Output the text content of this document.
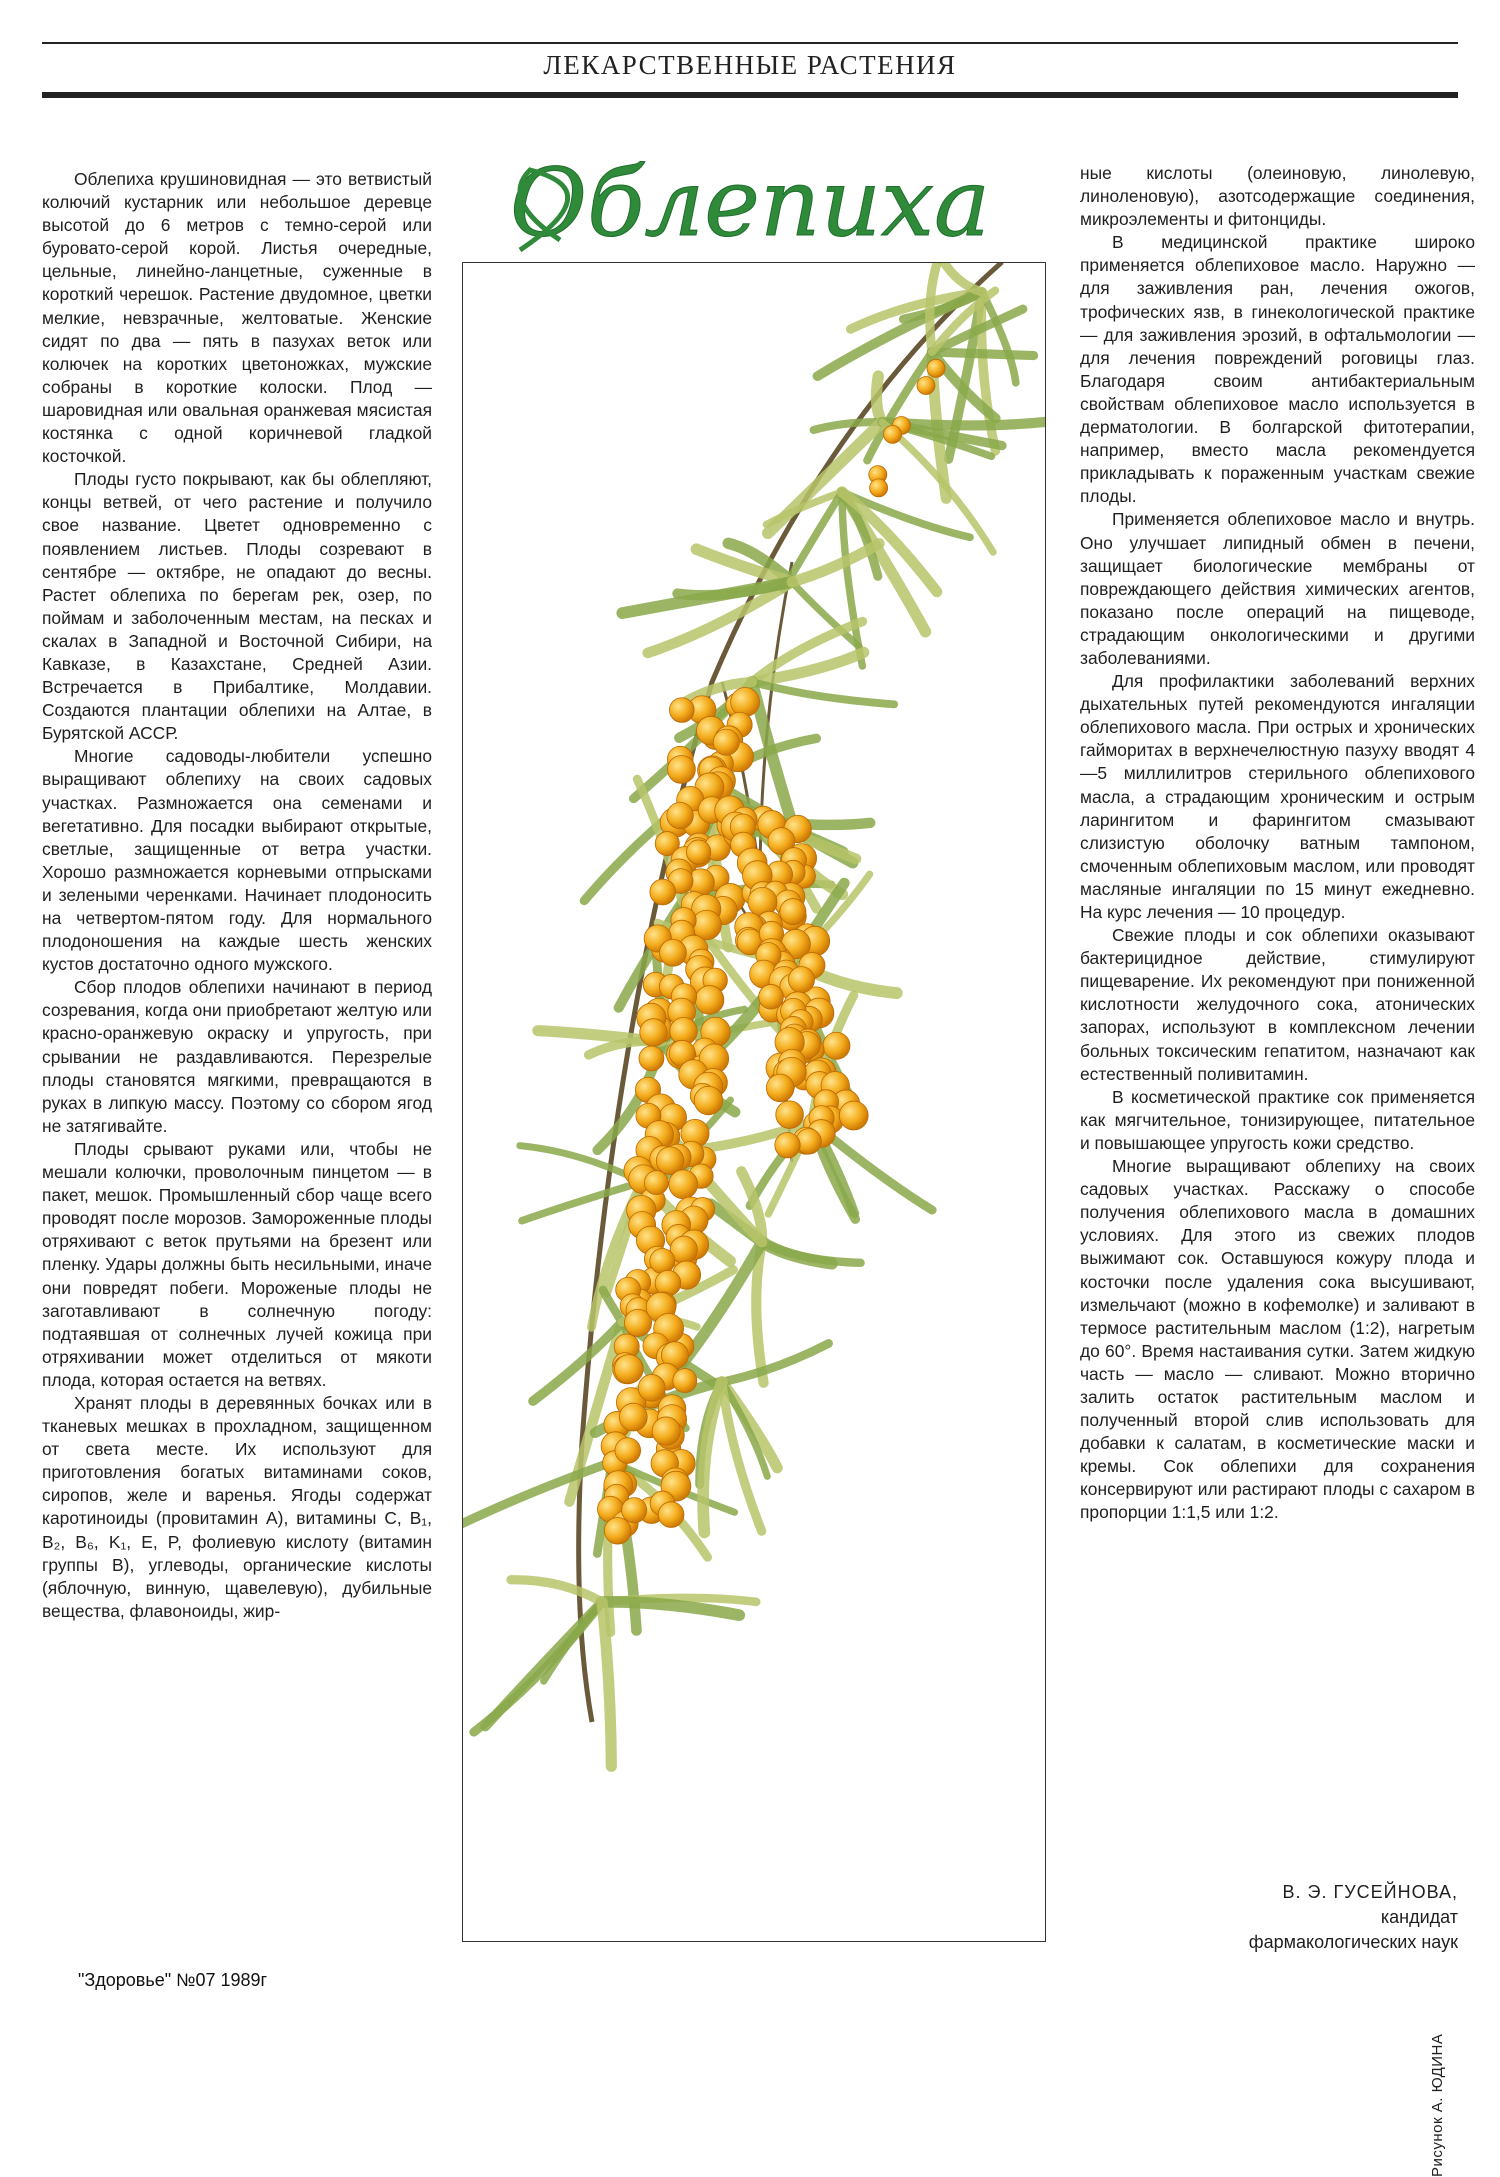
ЛЕКАРСТВЕННЫЕ РАСТЕНИЯ
Облепиха

Облепиха крушиновидная — это ветвистый колючий кустарник или небольшое деревце высотой до 6 метров с темно-серой или буровато-серой корой. Листья очередные, цельные, линейно-ланцетные, суженные в короткий черешок. Растение двудомное, цветки мелкие, невзрачные, желтоватые. Женские сидят по два — пять в пазухах веток или колючек на коротких цветоножках, мужские собраны в короткие колоски. Плод — шаровидная или овальная оранжевая мясистая костянка с одной коричневой гладкой косточкой.

Плоды густо покрывают, как бы облепляют, концы ветвей, от чего растение и получило свое название. Цветет одновременно с появлением листьев. Плоды созревают в сентябре — октябре, не опадают до весны. Растет облепиха по берегам рек, озер, по поймам и заболоченным местам, на песках и скалах в Западной и Восточной Сибири, на Кавказе, в Казахстане, Средней Азии. Встречается в Прибалтике, Молдавии. Создаются плантации облепихи на Алтае, в Бурятской АССР.

Многие садоводы-любители успешно выращивают облепиху на своих садовых участках. Размножается она семенами и вегетативно. Для посадки выбирают открытые, светлые, защищенные от ветра участки. Хорошо размножается корневыми отпрысками и зелеными черенками. Начинает плодоносить на четвертом-пятом году. Для нормального плодоношения на каждые шесть женских кустов достаточно одного мужского.

Сбор плодов облепихи начинают в период созревания, когда они приобретают желтую или красно-оранжевую окраску и упругость, при срывании не раздавливаются. Перезрелые плоды становятся мягкими, превращаются в руках в липкую массу. Поэтому со сбором ягод не затягивайте.

Плоды срывают руками или, чтобы не мешали колючки, проволочным пинцетом — в пакет, мешок. Промышленный сбор чаще всего проводят после морозов. Замороженные плоды отряхивают с веток прутьями на брезент или пленку. Удары должны быть несильными, иначе они повредят побеги. Мороженые плоды не заготавливают в солнечную погоду: подтаявшая от солнечных лучей кожица при отряхивании может отделиться от мякоти плода, которая остается на ветвях.

Хранят плоды в деревянных бочках или в тканевых мешках в прохладном, защищенном от света месте. Их используют для приготовления богатых витаминами соков, сиропов, желе и варенья. Ягоды содержат каротиноиды (провитамин А), витамины С, B₁, B₂, B₆, K₁, E, P, фолиевую кислоту (витамин группы В), углеводы, органические кислоты (яблочную, винную, щавелевую), дубильные вещества, флавоноиды, жир-

Рисунок А. ЮДИНА

ные кислоты (олеиновую, линолевую, линоленовую), азотсодержащие соединения, микроэлементы и фитонциды.

В медицинской практике широко применяется облепиховое масло. Наружно — для заживления ран, лечения ожогов, трофических язв, в гинекологической практике — для заживления эрозий, в офтальмологии — для лечения повреждений роговицы глаз. Благодаря своим антибактериальным свойствам облепиховое масло используется в дерматологии. В болгарской фитотерапии, например, вместо масла рекомендуется прикладывать к пораженным участкам свежие плоды.

Применяется облепиховое масло и внутрь. Оно улучшает липидный обмен в печени, защищает биологические мембраны от повреждающего действия химических агентов, показано после операций на пищеводе, страдающим онкологическими и другими заболеваниями.

Для профилактики заболеваний верхних дыхательных путей рекомендуются ингаляции облепихового масла. При острых и хронических гайморитах в верхнечелюстную пазуху вводят 4—5 миллилитров стерильного облепихового масла, а страдающим хроническим и острым ларингитом и фарингитом смазывают слизистую оболочку ватным тампоном, смоченным облепиховым маслом, или проводят масляные ингаляции по 15 минут ежедневно. На курс лечения — 10 процедур.

Свежие плоды и сок облепихи оказывают бактерицидное действие, стимулируют пищеварение. Их рекомендуют при пониженной кислотности желудочного сока, атонических запорах, используют в комплексном лечении больных токсическим гепатитом, назначают как естественный поливитамин.

В косметической практике сок применяется как мягчительное, тонизирующее, питательное и повышающее упругость кожи средство.

Многие выращивают облепиху на своих садовых участках. Расскажу о способе получения облепихового масла в домашних условиях. Для этого из свежих плодов выжимают сок. Оставшуюся кожуру плода и косточки после удаления сока высушивают, измельчают (можно в кофемолке) и заливают в термосе растительным маслом (1:2), нагретым до 60°. Время настаивания сутки. Затем жидкую часть — масло — сливают. Можно вторично залить остаток растительным маслом и полученный второй слив использовать для добавки к салатам, в косметические маски и кремы. Сок облепихи для сохранения консервируют или растирают плоды с сахаром в пропорции 1:1,5 или 1:2.

В. Э. ГУСЕЙНОВА,
кандидат
фармакологических наук
"Здоровье" №07 1989г
